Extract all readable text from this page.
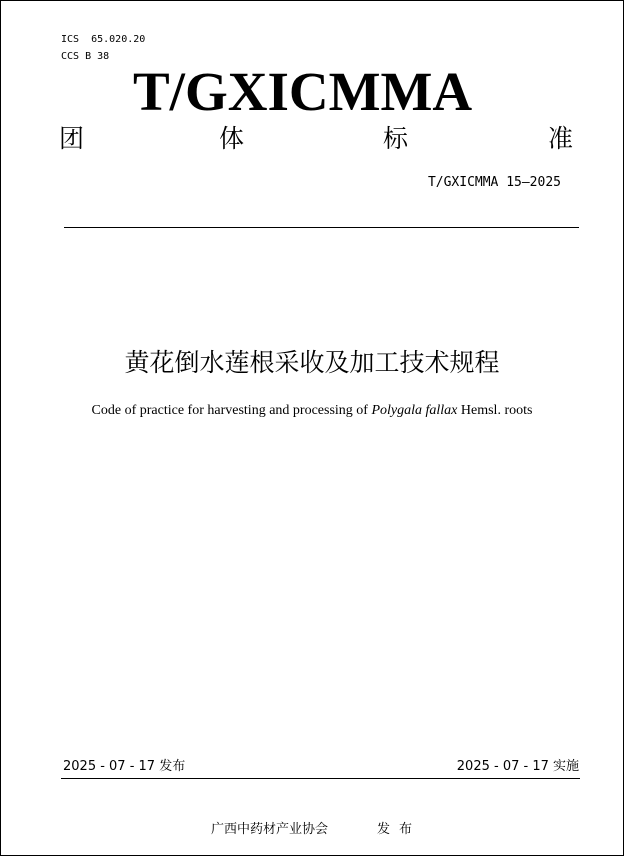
ICS  65.020.20
CCS B 38
T/GXICMMA
团	体	标	准
T/GXICMMA 15—2025
黄花倒水莲根采收及加工技术规程
Code of practice for harvesting and processing of Polygala fallax Hemsl. roots
2025 - 07 - 17 发布	2025 - 07 - 17 实施
广西中药材产业协会	发布
